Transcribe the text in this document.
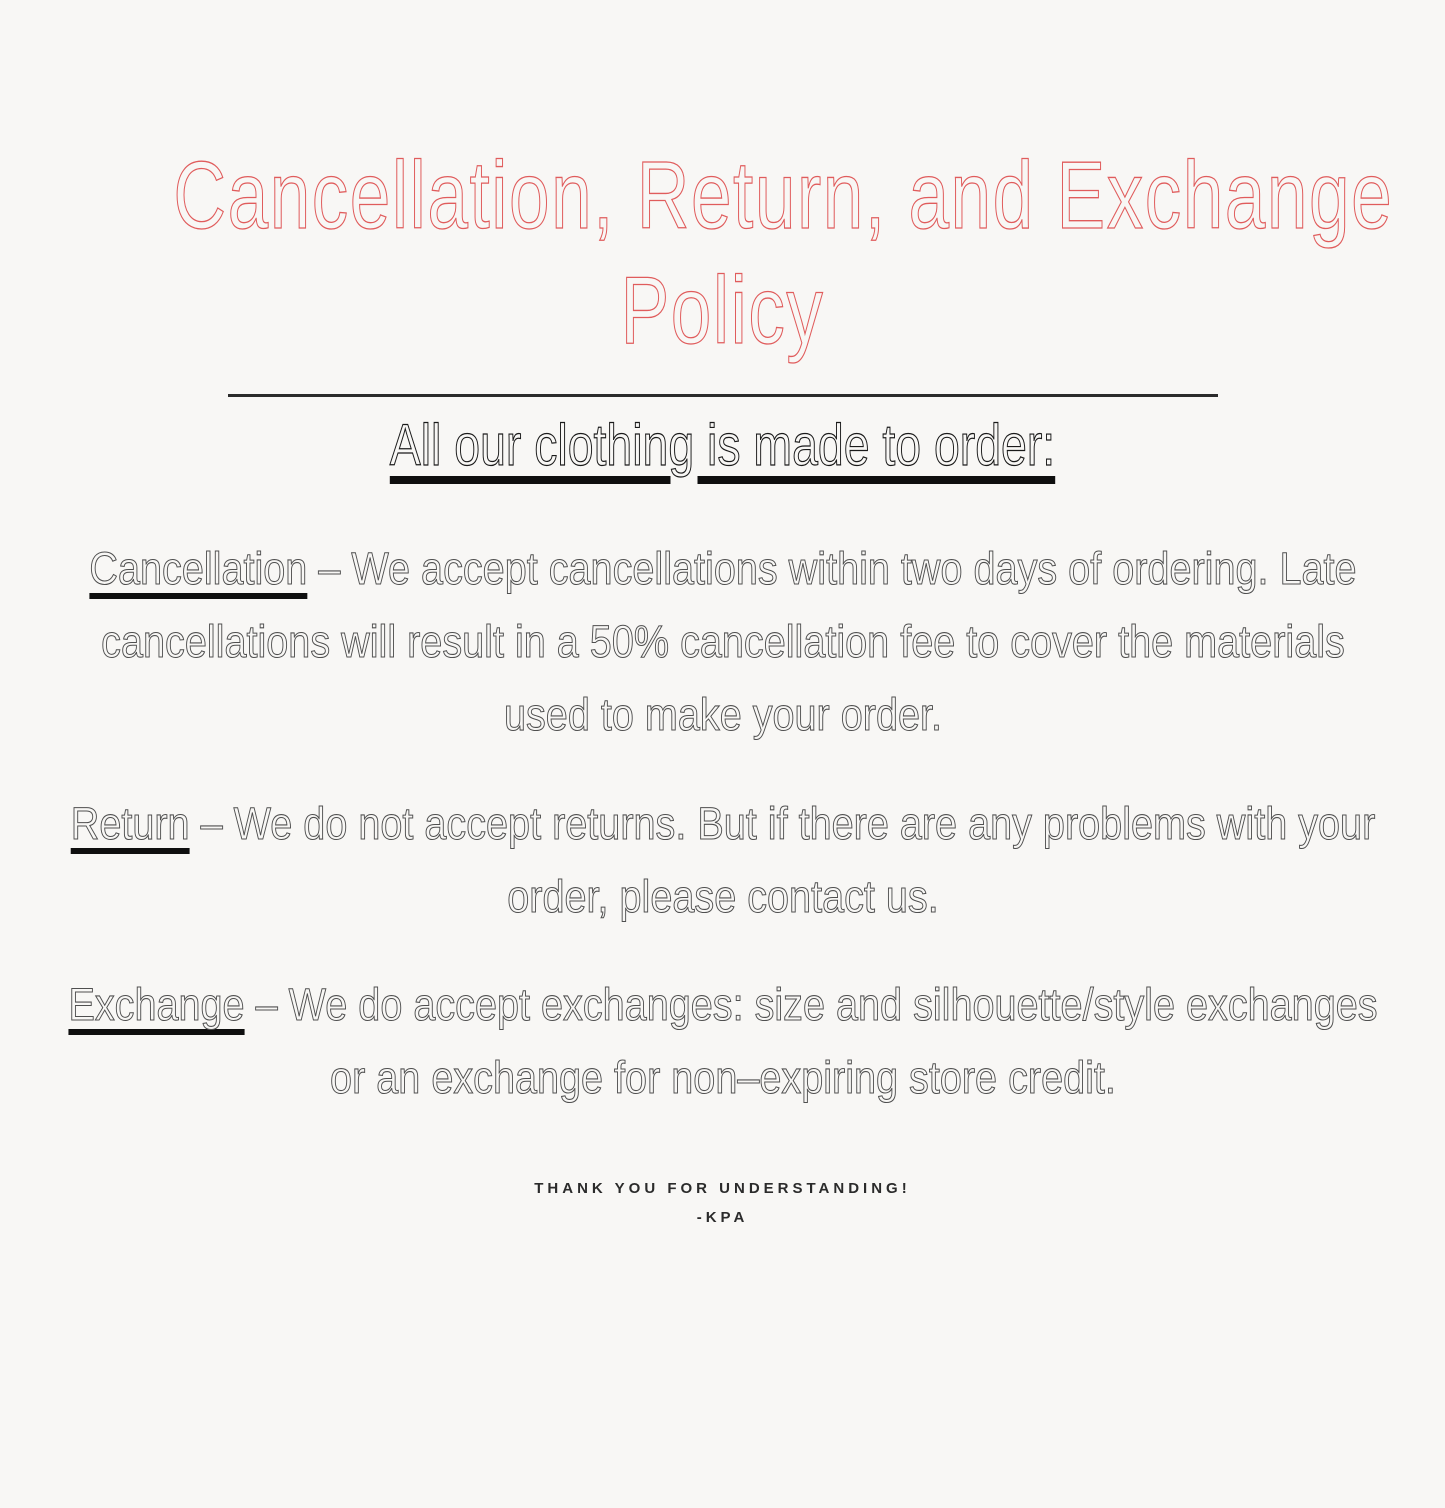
Cancellation, Return, and Exchange
Policy
All our clothing is made to order:

Cancellation – We accept cancellations within two days of ordering. Late cancellations will result in a 50% cancellation fee to cover the materials used to make your order.

Return – We do not accept returns. But if there are any problems with your order, please contact us.

Exchange – We do accept exchanges: size and silhouette/style exchanges or an exchange for non–expiring store credit.

THANK YOU FOR UNDERSTANDING!
-KPA
